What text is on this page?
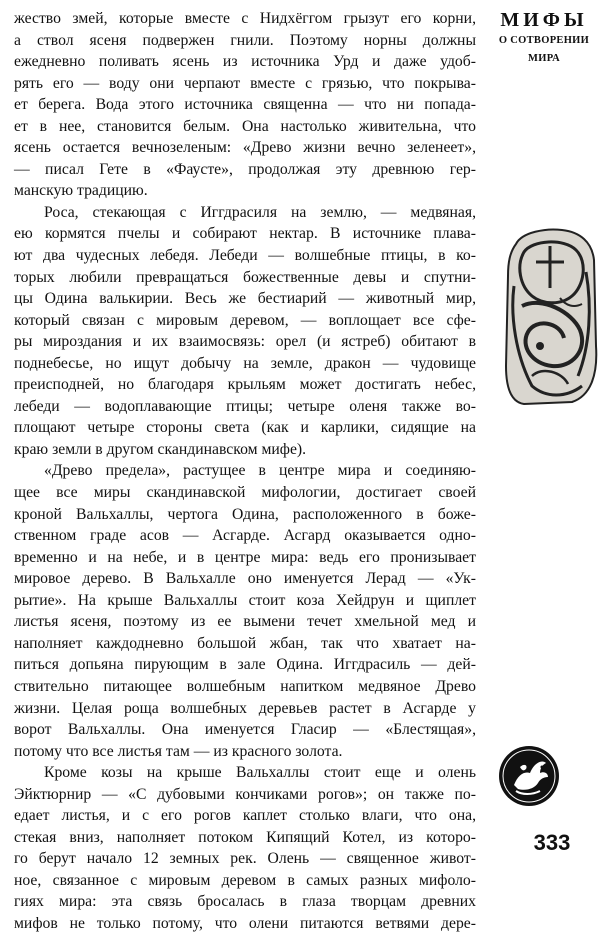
жество змей, которые вместе с Нидхёггом грызут его корни,
а ствол ясеня подвержен гнили. Поэтому норны должны
ежедневно поливать ясень из источника Урд и даже удоб-
рять его — воду они черпают вместе с грязью, что покрыва-
ет берега. Вода этого источника священна — что ни попада-
ет в нее, становится белым. Она настолько живительна, что
ясень остается вечнозеленым: «Древо жизни вечно зеленеет»,
— писал Гете в «Фаусте», продолжая эту древнюю гер-
манскую традицию.

Роса, стекающая с Иггдрасиля на землю, — медвяная,
ею кормятся пчелы и собирают нектар. В источнике плава-
ют два чудесных лебедя. Лебеди — волшебные птицы, в ко-
торых любили превращаться божественные девы и спутни-
цы Одина валькирии. Весь же бестиарий — животный мир,
который связан с мировым деревом, — воплощает все сфе-
ры мироздания и их взаимосвязь: орел (и ястреб) обитают в
поднебесье, но ищут добычу на земле, дракон — чудовище
преисподней, но благодаря крыльям может достигать небес,
лебеди — водоплавающие птицы; четыре оленя также во-
площают четыре стороны света (как и карлики, сидящие на
краю земли в другом скандинавском мифе).

«Древо предела», растущее в центре мира и соединяю-
щее все миры скандинавской мифологии, достигает своей
кроной Вальхаллы, чертога Одина, расположенного в боже-
ственном граде асов — Асгарде. Асгард оказывается одно-
временно и на небе, и в центре мира: ведь его пронизывает
мировое дерево. В Вальхалле оно именуется Лерад — «Ук-
рытие». На крыше Вальхаллы стоит коза Хейдрун и щиплет
листья ясеня, поэтому из ее вымени течет хмельной мед и
наполняет каждодневно большой жбан, так что хватает на-
питься допьяна пирующим в зале Одина. Иггдрасиль — дей-
ствительно питающее волшебным напитком медвяное Древо
жизни. Целая роща волшебных деревьев растет в Асгарде у
ворот Вальхаллы. Она именуется Гласир — «Блестящая»,
потому что все листья там — из красного золота.

Кроме козы на крыше Вальхаллы стоит еще и олень
Эйктюрнир — «С дубовыми кончиками рогов»; он также по-
едает листья, и с его рогов каплет столько влаги, что она,
стекая вниз, наполняет потоком Кипящий Котел, из которо-
го берут начало 12 земных рек. Олень — священное живот-
ное, связанное с мировым деревом в самых разных мифоло-
гиях мира: эта связь бросалась в глаза творцам древних
мифов не только потому, что олени питаются ветвями дере-

МИФЫ
О СОТВОРЕНИИ
МИРА
333
